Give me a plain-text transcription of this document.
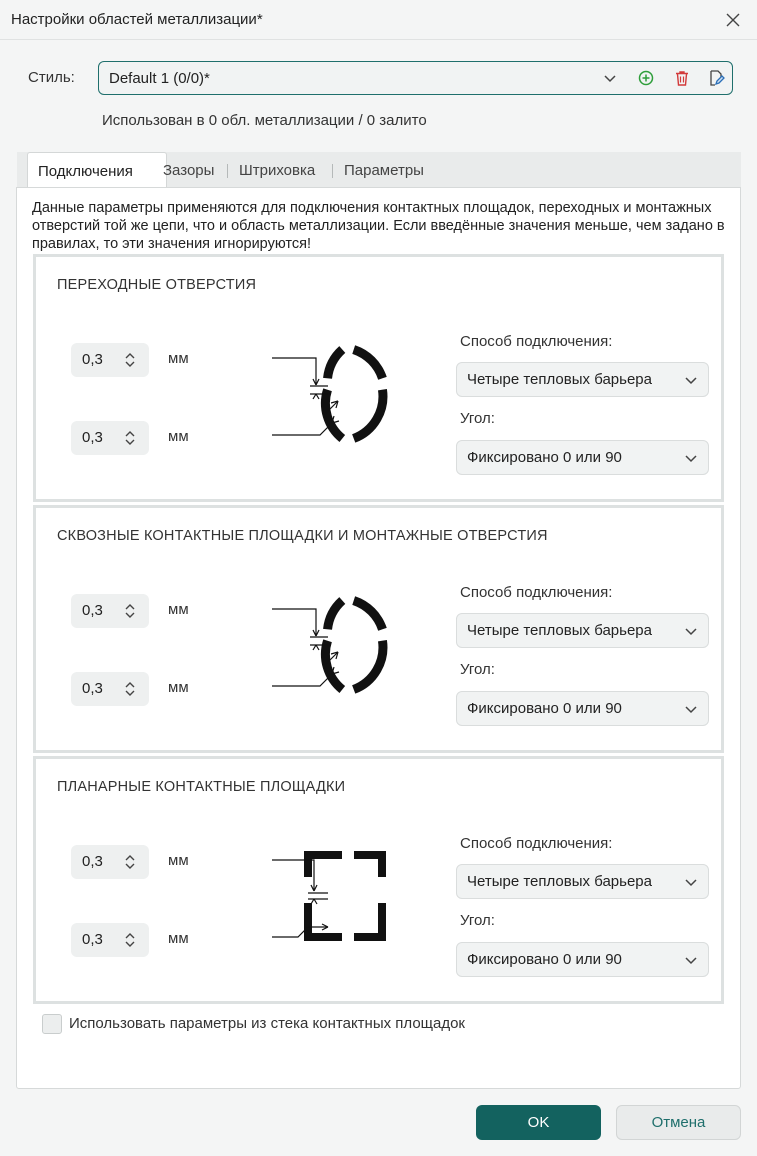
Настройки областей металлизации*
Стиль: Default 1 (0/0)*
Использован в 0 обл. металлизации / 0 залито
Подключения Зазоры Штриховка Параметры
Данные параметры применяются для подключения контактных площадок, переходных и монтажных отверстий той же цепи, что и область металлизации. Если введённые значения меньше, чем задано в правилах, то эти значения игнорируются!
ПЕРЕХОДНЫЕ ОТВЕРСТИЯ
0,3	мм
0,3	мм
Способ подключения:
Четыре тепловых барьера
Угол:
Фиксировано 0 или 90
СКВОЗНЫЕ КОНТАКТНЫЕ ПЛОЩАДКИ И МОНТАЖНЫЕ ОТВЕРСТИЯ
0,3	мм
0,3	мм
Способ подключения:
Четыре тепловых барьера
Угол:
Фиксировано 0 или 90
ПЛАНАРНЫЕ КОНТАКТНЫЕ ПЛОЩАДКИ
0,3	мм
0,3	мм
Способ подключения:
Четыре тепловых барьера
Угол:
Фиксировано 0 или 90
Использовать параметры из стека контактных площадок
OK	Отмена
